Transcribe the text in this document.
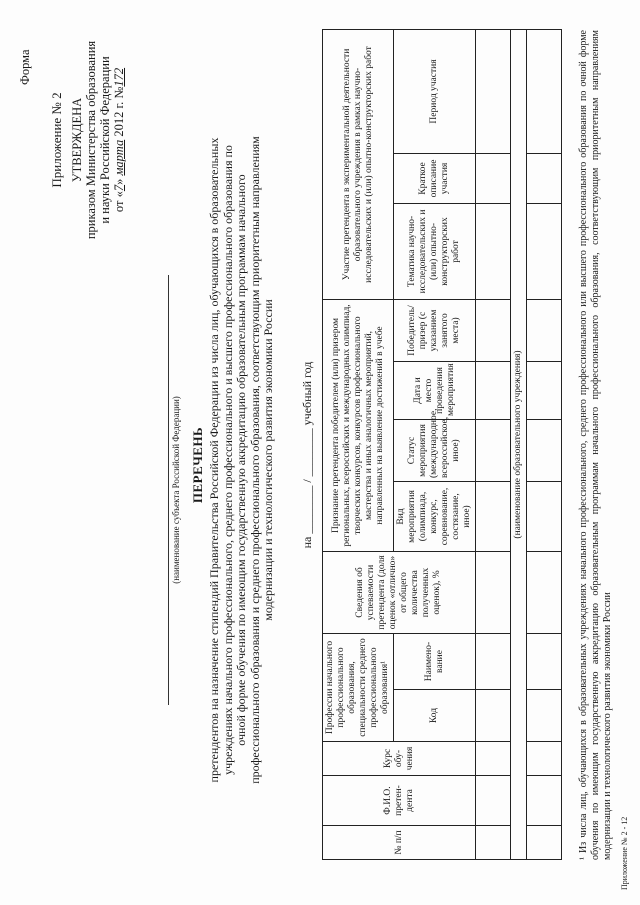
Приложение № 2 УТВЕРЖДЕНА приказом Министерства образования и науки Российской Федерации от «7» марта 2012 г. №172
Форма
(наименование субъекта Российской Федерации) ПЕРЕЧЕНЬ претендентов на назначение стипендий Правительства Российской Федерации из числа лиц, обучающихся в образовательных учреждениях начального профессионального, среднего профессионального и высшего профессионального образования по очной форме обучения по имеющим государственную аккредитацию образовательным программам начального профессионального образования и среднего профессионального образования, соответствующим приоритетным направлениям модернизации и технологического развития экономики России на ________ / ________ учебный год
№ п/п	Ф.И.О. претен-дента	Курс обу-чения	Профессии начального профессионального образования, специальности среднего профессионального образования¹		Сведения об успеваемости претендента (доля оценок «отлично» от общего количества полученных оценок), %	Признание претендента победителем (или) призером региональных, всероссийских и международных олимпиад, творческих конкурсов, конкурсов профессионального мастерства и иных аналогичных мероприятий, направленных на выявление достижений в учебе				Участие претендента в экспериментальной деятельности образовательного учреждения в рамках научно-исследовательских и (или) опытно-конструкторских работ		
			Код	Наимено-вание		Вид мероприятия (олимпиада, конкурс, соревнование, состязание, иное)	Статус мероприятия (международное, всероссийское, иное)	Дата и место проведения мероприятия	Победитель/ призер (с указанием занятого места)	Тематика научно-исследовательских и (или) опытно-конструкторских работ	Краткое описание участия	Период участия

(наименование образовательного учреждения)												
													¹ Из числа лиц, обучающихся в образовательных учреждениях начального профессионального, среднего профессионального или высшего профессионального образования по очной форме обучения по имеющим государственную аккредитацию образовательным программам начального профессионального образования, соответствующим приоритетным направлениям модернизации и технологического развития экономики России Приложение № 2 - 12
